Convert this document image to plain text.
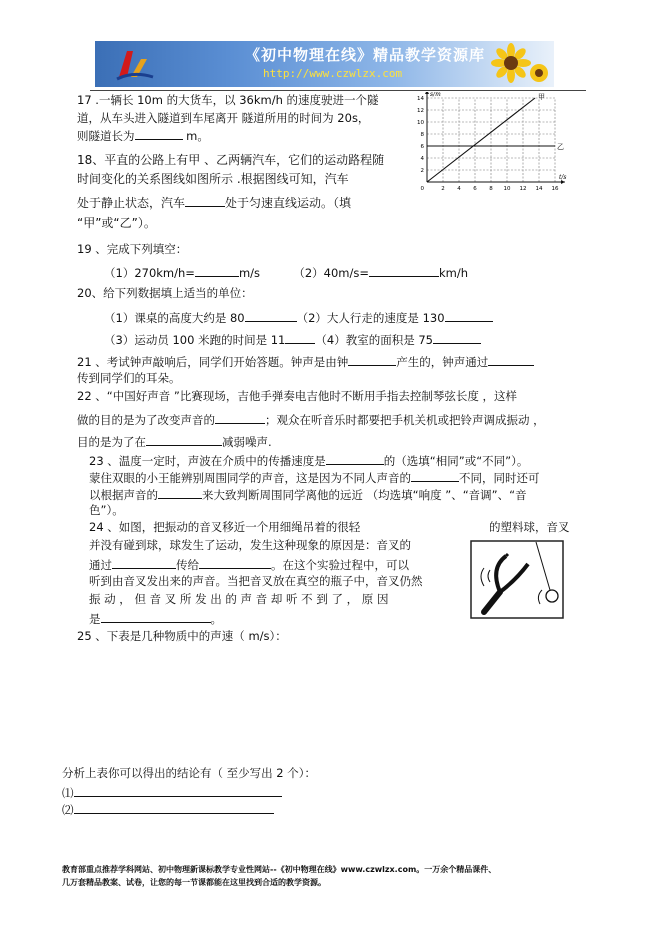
《初中物理在线》精品教学资源库
http://www.czwlzx.com
17 .一辆长 10m 的大货车，以 36km/h 的速度驶进一个隧
道，从车头进入隧道到车尾离开 隧道所用的时间为 20s，
则隧道长为	m。
18、平直的公路上有甲 、乙两辆汽车，它们的运动路程随
时间变化的关系图线如图所示 .根据图线可知，汽车
处于静止状态，汽车	处于匀速直线运动。（填
“甲”或“乙”）。
2
4
6
8
10
12
14
2 4 6 8 10 12 14 16
0
s/m
t/s
甲
乙
19 、完成下列填空：
（1）270km/h=	m/s	（2）40m/s=	km/h
20、给下列数据填上适当的单位：
（1）课桌的高度大约是 80	（2）大人行走的速度是 130
（3）运动员 100 米跑的时间是 11	（4）教室的面积是 75
21 、考试钟声敲响后，同学们开始答题。钟声是由钟	产生的，钟声通过
传到同学们的耳朵。
22 、“中国好声音 ”比赛现场，吉他手弹奏电吉他时不断用手指去控制琴弦长度 ，这样
做的目的是为了改变声音的	；观众在听音乐时都要把手机关机或把铃声调成振动 ，
目的是为了在	减弱噪声.
23 、温度一定时，声波在介质中的传播速度是	的（选填“相同”或“不同”）。
蒙住双眼的小王能辨别周围同学的声音，这是因为不同人声音的	不同，同时还可
以根据声音的	来大致判断周围同学离他的远近 （均选填“响度 ”、“音调”、“音
色”）。
24 、如图，把振动的音叉移近一个用细绳吊着的很轻	的塑料球，音叉
并没有碰到球，球发生了运动，发生这种现象的原因是：音叉的
通过	传给	。在这个实验过程中，可以
听到由音叉发出来的声音。当把音叉放在真空的瓶子中，音叉仍然
振 动 ， 但 音 叉 所 发 出 的 声 音 却 听 不 到 了 ， 原 因
是	。
25 、下表是几种物质中的声速（ m/s）：
分析上表你可以得出的结论有（ 至少写出 2 个）：
⑴
⑵
教育部重点推荐学科网站、初中物理新课标教学专业性网站--《初中物理在线》www.czwlzx.com。一万余个精品课件、
几万套精品教案、试卷，让您的每一节课都能在这里找到合适的教学资源。
